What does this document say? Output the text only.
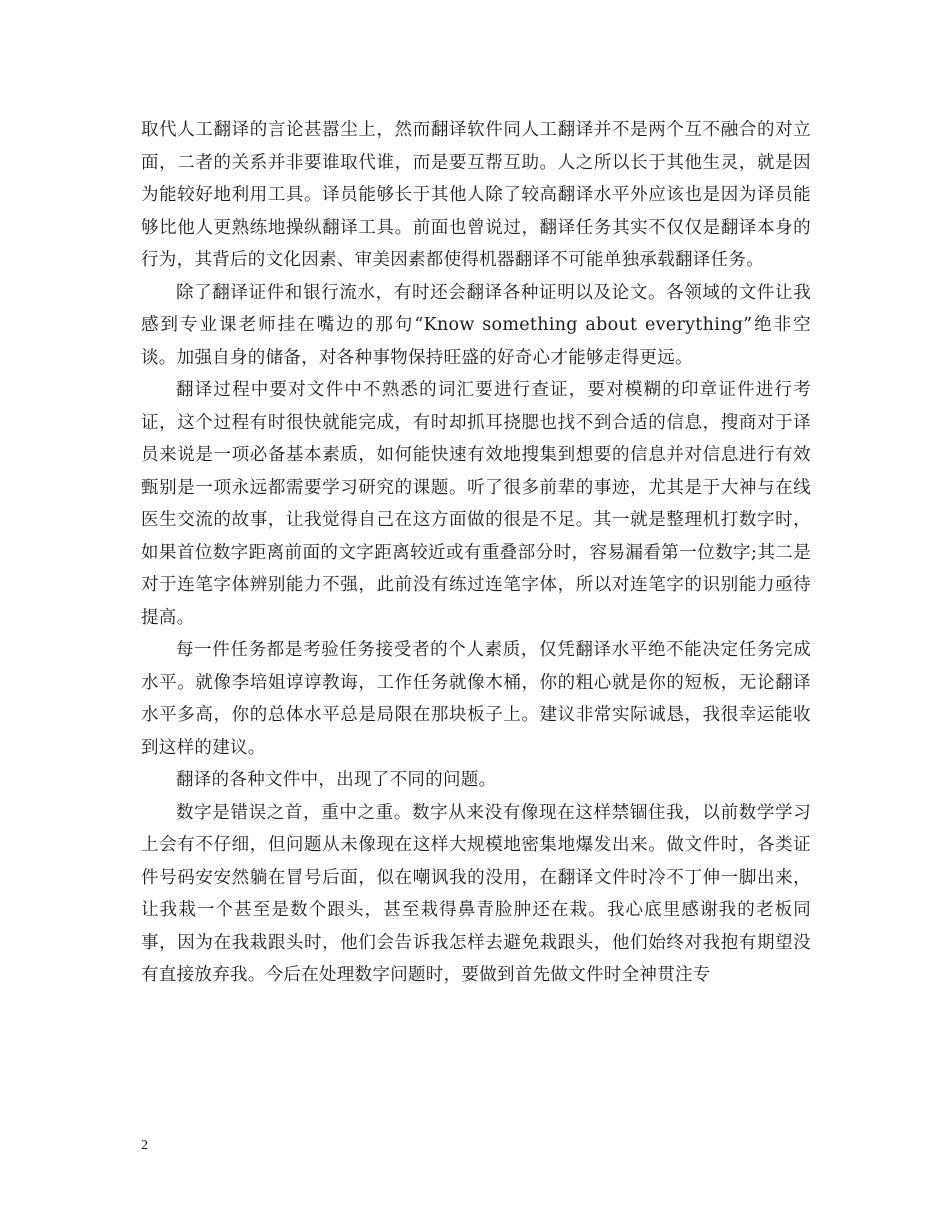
取代人工翻译的言论甚嚣尘上，然而翻译软件同人工翻译并不是两个互不融合的对立面，二者的关系并非要谁取代谁，而是要互帮互助。人之所以长于其他生灵，就是因为能较好地利用工具。译员能够长于其他人除了较高翻译水平外应该也是因为译员能够比他人更熟练地操纵翻译工具。前面也曾说过，翻译任务其实不仅仅是翻译本身的行为，其背后的文化因素、审美因素都使得机器翻译不可能单独承载翻译任务。

除了翻译证件和银行流水，有时还会翻译各种证明以及论文。各领域的文件让我感到专业课老师挂在嘴边的那句“Know something about everything”绝非空谈。加强自身的储备，对各种事物保持旺盛的好奇心才能够走得更远。

翻译过程中要对文件中不熟悉的词汇要进行查证，要对模糊的印章证件进行考证，这个过程有时很快就能完成，有时却抓耳挠腮也找不到合适的信息，搜商对于译员来说是一项必备基本素质，如何能快速有效地搜集到想要的信息并对信息进行有效甄别是一项永远都需要学习研究的课题。听了很多前辈的事迹，尤其是于大神与在线医生交流的故事，让我觉得自己在这方面做的很是不足。其一就是整理机打数字时，如果首位数字距离前面的文字距离较近或有重叠部分时，容易漏看第一位数字;其二是对于连笔字体辨别能力不强，此前没有练过连笔字体，所以对连笔字的识别能力亟待提高。

每一件任务都是考验任务接受者的个人素质，仅凭翻译水平绝不能决定任务完成水平。就像李培姐谆谆教诲，工作任务就像木桶，你的粗心就是你的短板，无论翻译水平多高，你的总体水平总是局限在那块板子上。建议非常实际诚恳，我很幸运能收到这样的建议。

翻译的各种文件中，出现了不同的问题。

数字是错误之首，重中之重。数字从来没有像现在这样禁锢住我，以前数学学习上会有不仔细，但问题从未像现在这样大规模地密集地爆发出来。做文件时，各类证件号码安安然躺在冒号后面，似在嘲讽我的没用，在翻译文件时冷不丁伸一脚出来，让我栽一个甚至是数个跟头，甚至栽得鼻青脸肿还在栽。我心底里感谢我的老板同事，因为在我栽跟头时，他们会告诉我怎样去避免栽跟头，他们始终对我抱有期望没有直接放弃我。今后在处理数字问题时，要做到首先做文件时全神贯注专

2
